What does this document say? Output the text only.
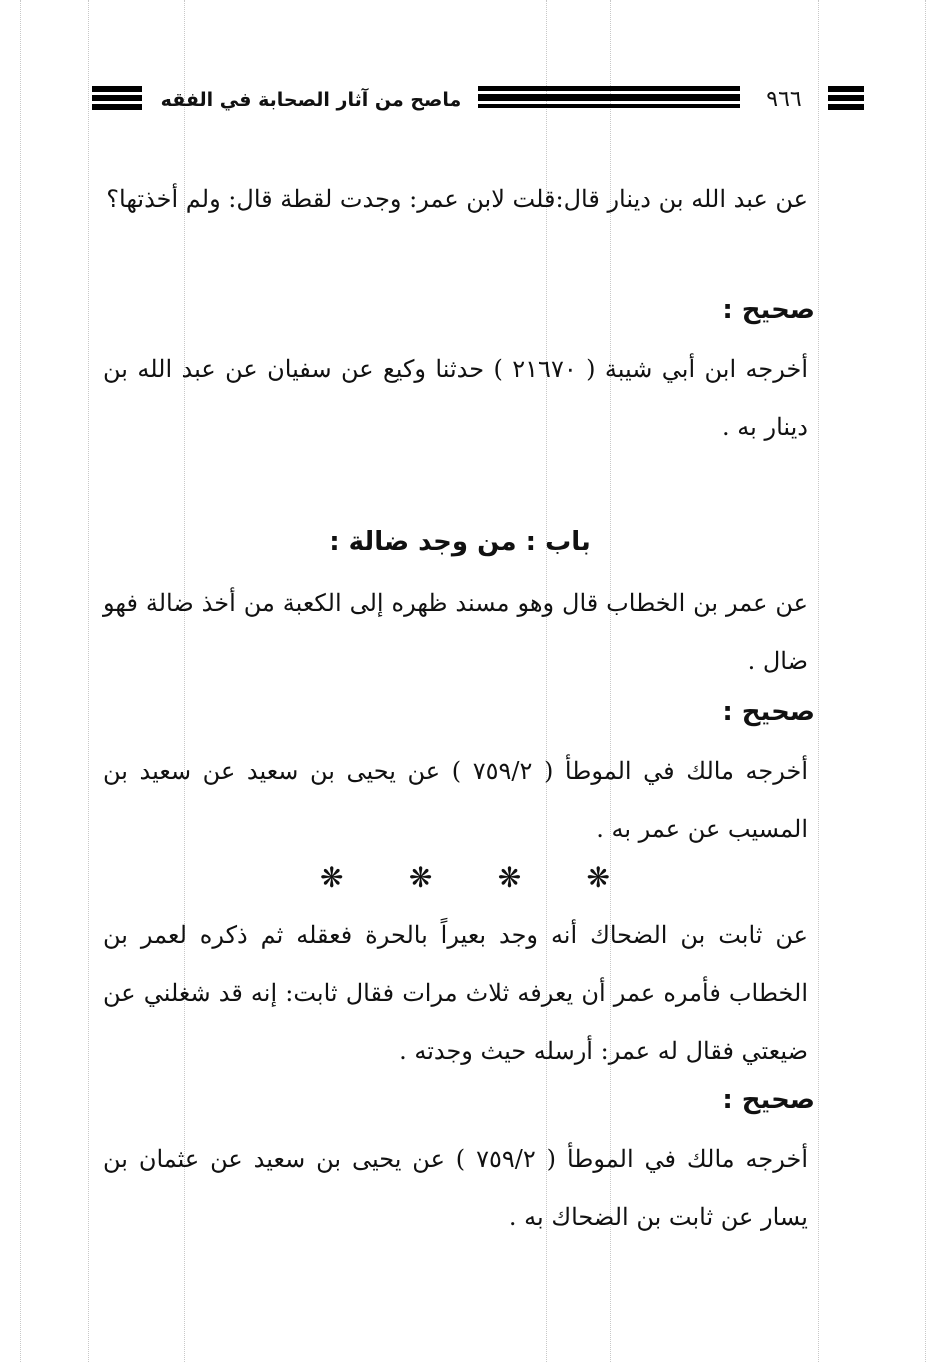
ماصح من آثار الصحابة في الفقه	٩٦٦
عن عبد الله بن دينار قال:قلت لابن عمر: وجدت لقطة قال: ولم أخذتها؟
صحيح :
أخرجه ابن أبي شيبة ( ٢١٦٧٠ ) حدثنا وكيع عن سفيان عن عبد الله بن دينار به .
باب : من وجد ضالة :
عن عمر بن الخطاب قال وهو مسند ظهره إلى الكعبة من أخذ ضالة فهو ضال .
صحيح :
أخرجه مالك في الموطأ ( ٧٥٩/٢ ) عن يحيى بن سعيد عن سعيد بن المسيب عن عمر به .
❋ ❋ ❋ ❋
عن ثابت بن الضحاك أنه وجد بعيراً بالحرة فعقله ثم ذكره لعمر بن الخطاب فأمره عمر أن يعرفه ثلاث مرات فقال ثابت: إنه قد شغلني عن ضيعتي فقال له عمر: أرسله حيث وجدته .
صحيح :
أخرجه مالك في الموطأ ( ٧٥٩/٢ ) عن يحيى بن سعيد عن عثمان بن يسار عن ثابت بن الضحاك به .
